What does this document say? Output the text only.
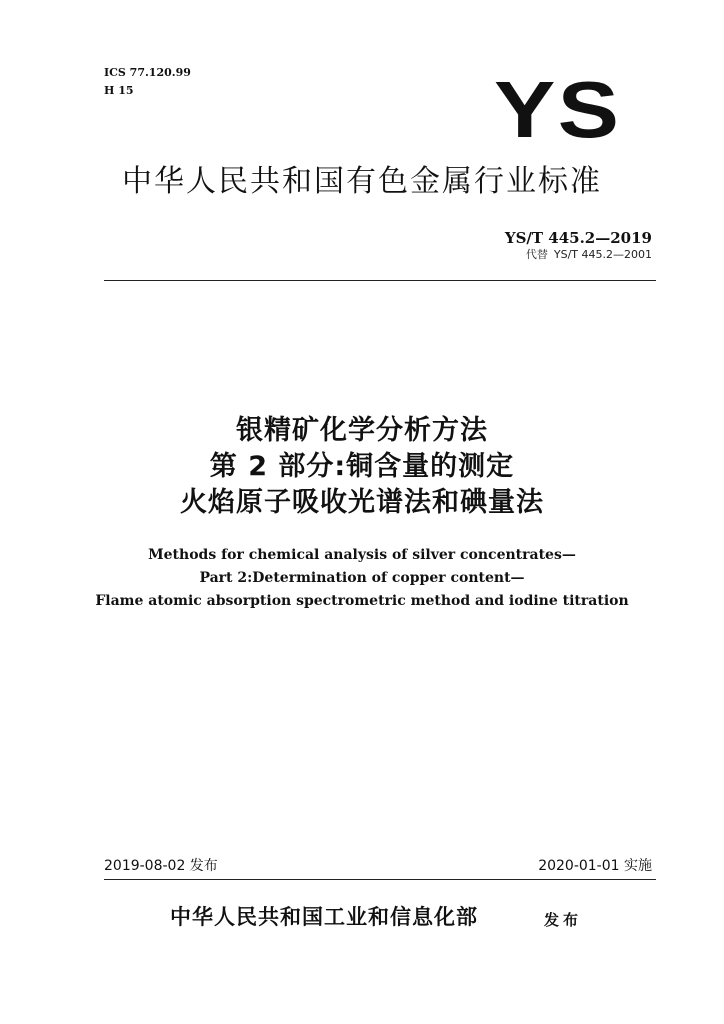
ICS 77.120.99
H 15	YS
中华人民共和国有色金属行业标准
YS/T 445.2—2019
代替 YS/T 445.2—2001
银精矿化学分析方法
第 2 部分:铜含量的测定
火焰原子吸收光谱法和碘量法
Methods for chemical analysis of silver concentrates—
Part 2:Determination of copper content—
Flame atomic absorption spectrometric method and iodine titration
2019-08-02 发布	2020-01-01 实施
中华人民共和国工业和信息化部	发布
